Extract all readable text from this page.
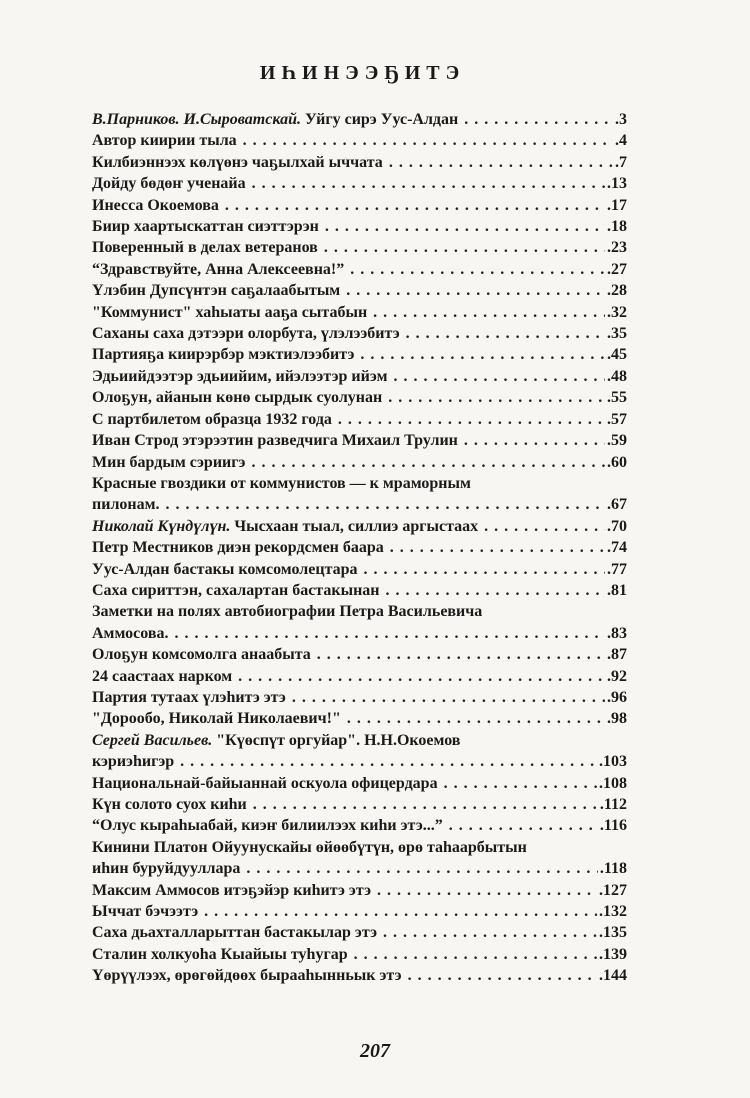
ИҺИНЭЭҔИТЭ
В.Парников. И.Сыроватскай. Уйгу сирэ Уус-Алдан . . .	.3
Автор киирии тыла . . .	.4
Килбиэннээх көлүөнэ чаҕылхай ыччата . . .	.7
Дойду бөдөҥ ученайа . . .	.13
Инесса Окоемова . . .	.17
Биир хаартыскаттан сиэттэрэн . . .	.18
Поверенный в делах ветеранов . . .	.23
“Здравствуйте, Анна Алексеевна!” . . .	.27
Үлэбин Дупсүнтэн саҕалаабытым . . .	.28
"Коммунист" хаһыаты ааҕа сытабын . . .	.32
Саханы саха дэтээри олорбута, үлэлээбитэ . . .	.35
Партияҕа киирэрбэр мэктиэлээбитэ . . .	.45
Эдьиийдээтэр эдьиийим, ийэлээтэр ийэм . . .	.48
Олоҕун, айанын көнө сырдык суолунан . . .	.55
С партбилетом образца 1932 года . . .	.57
Иван Строд этэрээтин разведчига Михаил Трулин . . .	.59
Мин бардым сэриигэ . . .	.60
Красные гвоздики от коммунистов — к мраморным
пилонам. . . .	.67
Николай Күндүлүн. Чысхаан тыал, силлиэ аргыстаах . . .	.70
Петр Местников диэн рекордсмен баара . . .	.74
Уус-Алдан бастакы комсомолецтара . . .	.77
Саха сириттэн, сахалартан бастакынан . . .	.81
Заметки на полях автобиографии Петра Васильевича
Аммосова. . . .	.83
Олоҕун комсомолга анаабыта . . .	.87
24 саастаах нарком . . .	.92
Партия тутаах үлэһитэ этэ . . .	.96
"Дорообо, Николай Николаевич!" . . .	.98
Сергей Васильев. "Күөспүт оргуйар". Н.Н.Окоемов
кэриэһигэр . . .	.103
Национальнай-байыаннай оскуола офицердара . . .	.108
Күн солото суох киһи . . .	.112
“Олус кыраһыабай, киэҥ билиилээх киһи этэ...” . . .	.116
Кинини Платон Ойуунускайы өйөөбүтүн, өрө таһаарбытын
иһин буруйдууллара . . .	.118
Максим Аммосов итэҕэйэр киһитэ этэ . . .	.127
Ыччат бэчээтэ . . .	.132
Саха дьахталларыттан бастакылар этэ . . .	.135
Сталин холкуоһа Кыайыы туһугар . . .	.139
Үөрүүлээх, өрөгөйдөөх бырааһынньык этэ . . .	.144
207
